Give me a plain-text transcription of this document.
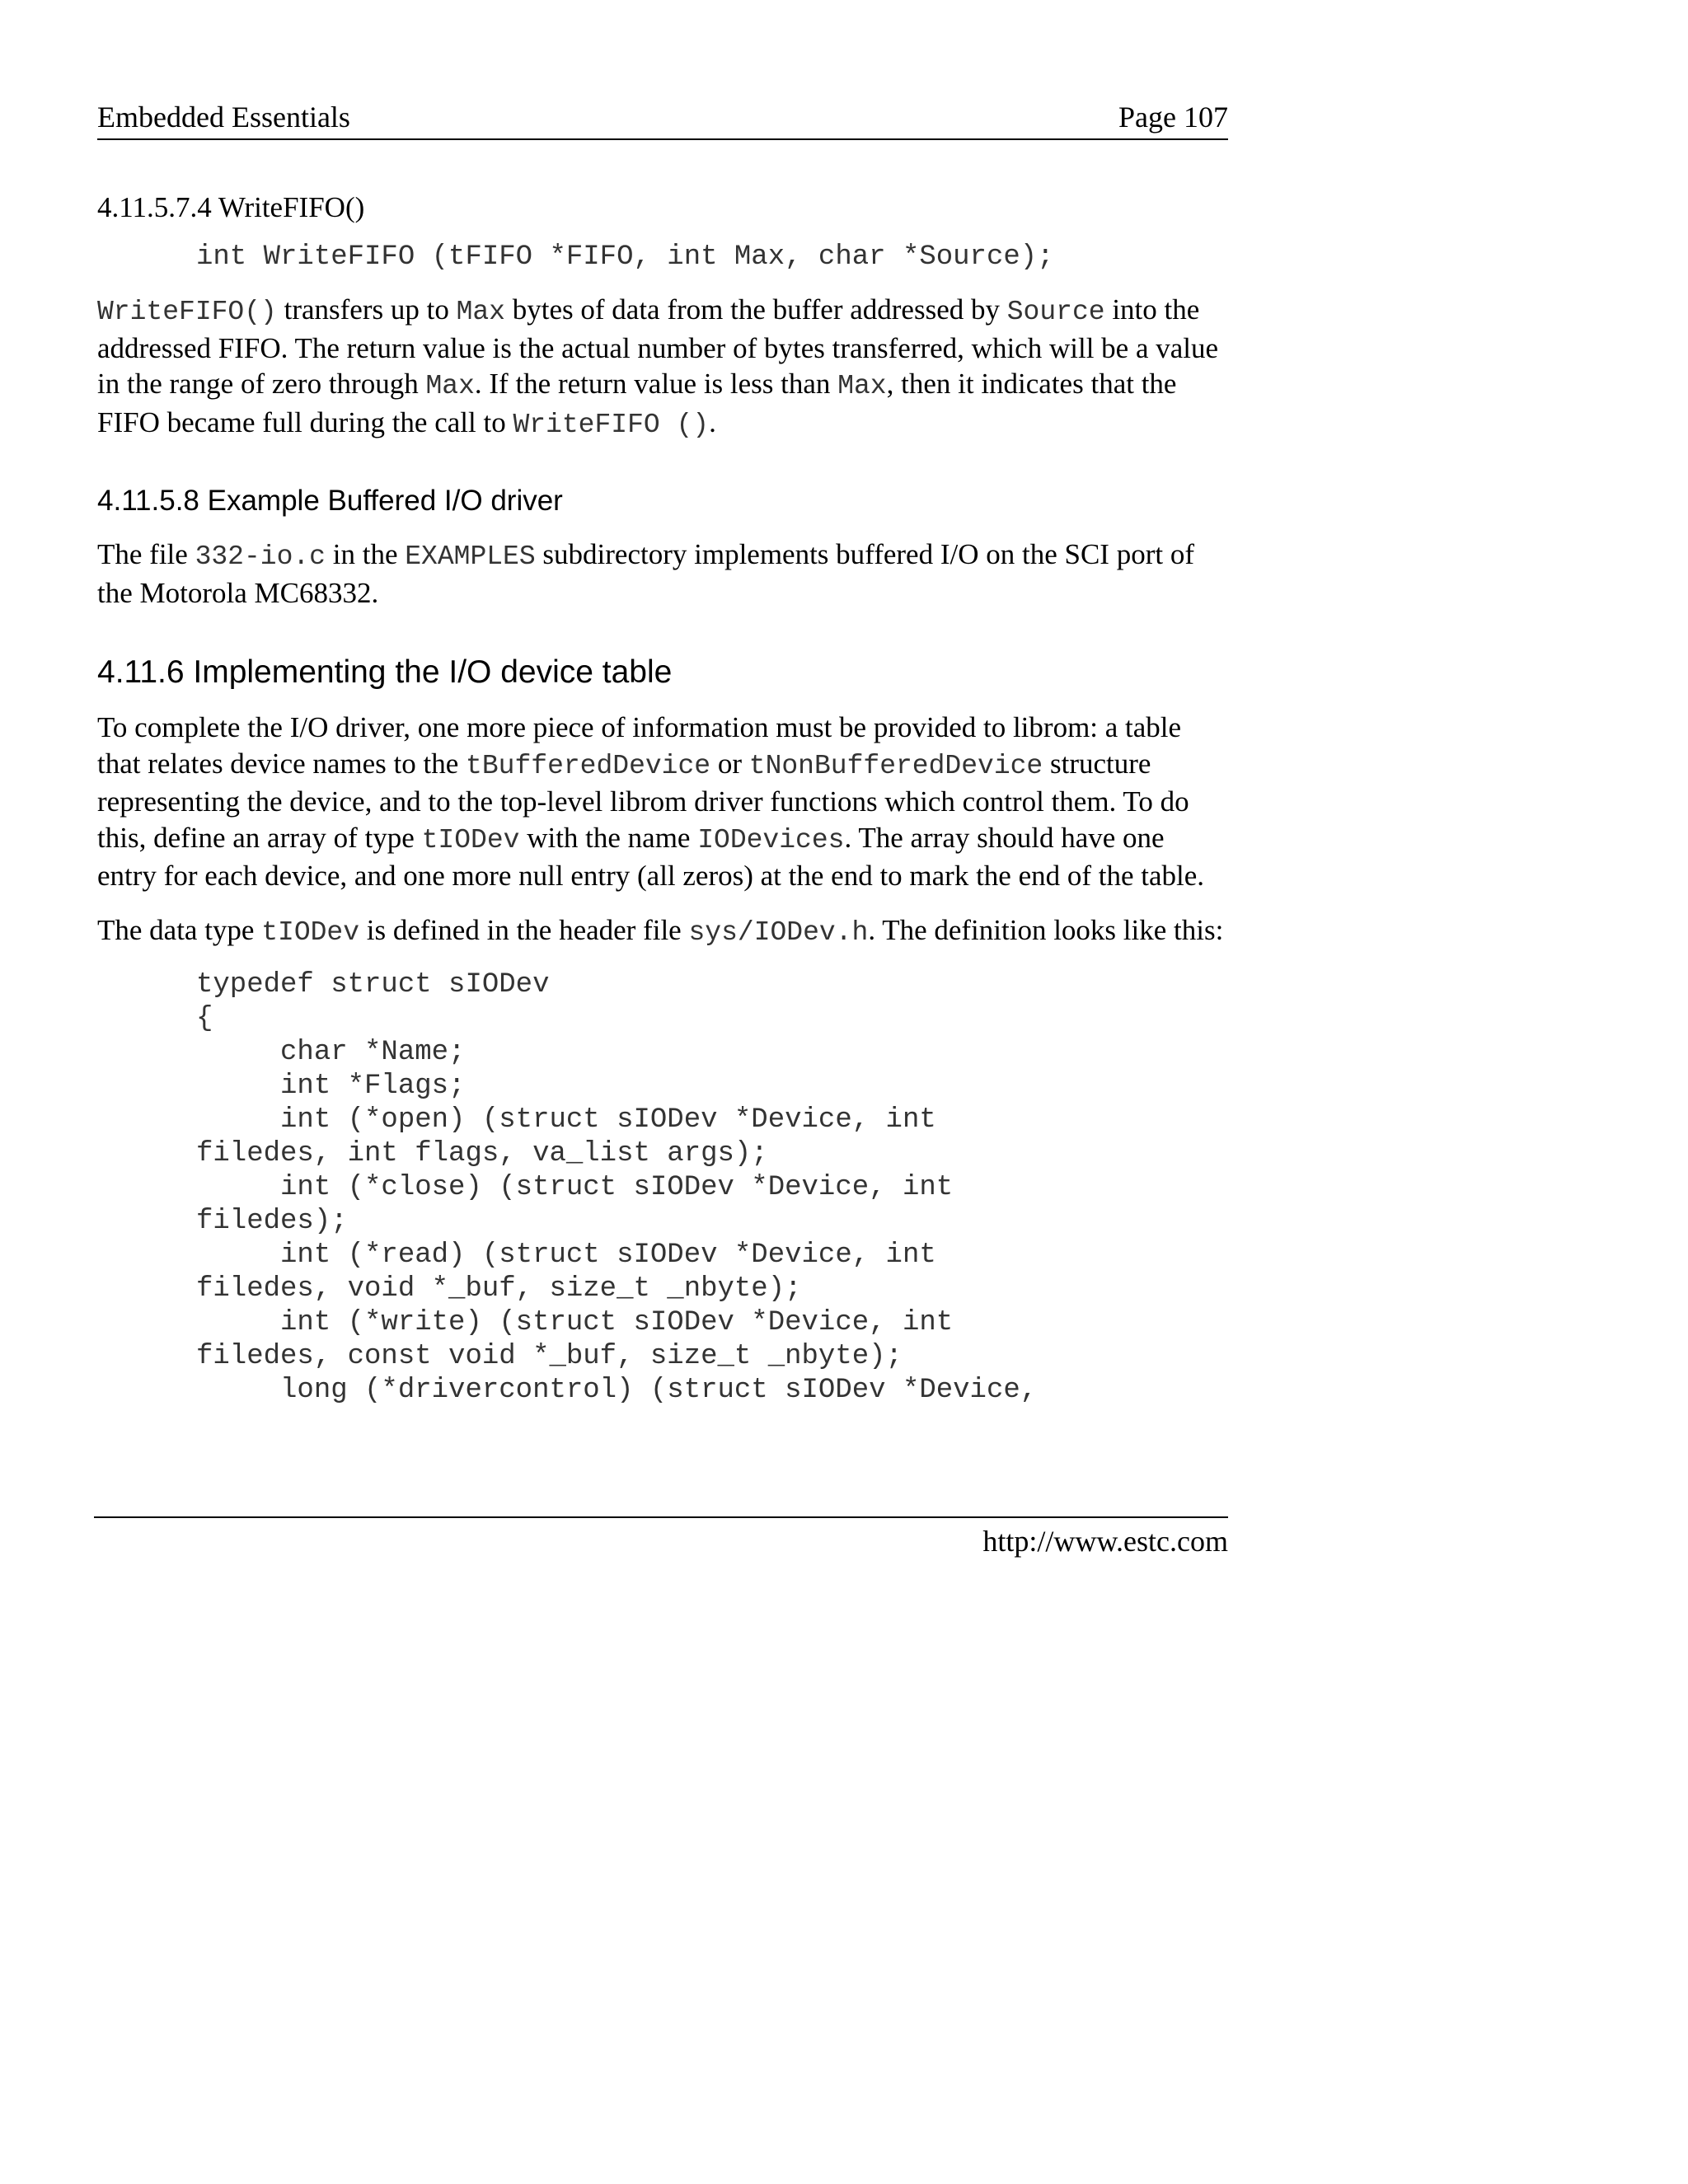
Embedded Essentials	Page 107
4.11.5.7.4 WriteFIFO()
int WriteFIFO (tFIFO *FIFO, int Max, char *Source);

WriteFIFO() transfers up to Max bytes of data from the buffer addressed by Source into the addressed FIFO. The return value is the actual number of bytes transferred, which will be a value in the range of zero through Max. If the return value is less than Max, then it indicates that the FIFO became full during the call to WriteFIFO ().

4.11.5.8 Example Buffered I/O driver

The file 332-io.c in the EXAMPLES subdirectory implements buffered I/O on the SCI port of the Motorola MC68332.

4.11.6 Implementing the I/O device table

To complete the I/O driver, one more piece of information must be provided to librom: a table that relates device names to the tBufferedDevice or tNonBufferedDevice structure representing the device, and to the top-level librom driver functions which control them. To do this, define an array of type tIODev with the name IODevices. The array should have one entry for each device, and one more null entry (all zeros) at the end to mark the end of the table.

The data type tIODev is defined in the header file sys/IODev.h. The definition looks like this:

typedef struct sIODev
{
char *Name;
int *Flags;
int (*open) (struct sIODev *Device, int
filedes, int flags, va_list args);
int (*close) (struct sIODev *Device, int
filedes);
int (*read) (struct sIODev *Device, int
filedes, void *_buf, size_t _nbyte);
int (*write) (struct sIODev *Device, int
filedes, const void *_buf, size_t _nbyte);
long (*drivercontrol) (struct sIODev *Device,
http://www.estc.com
